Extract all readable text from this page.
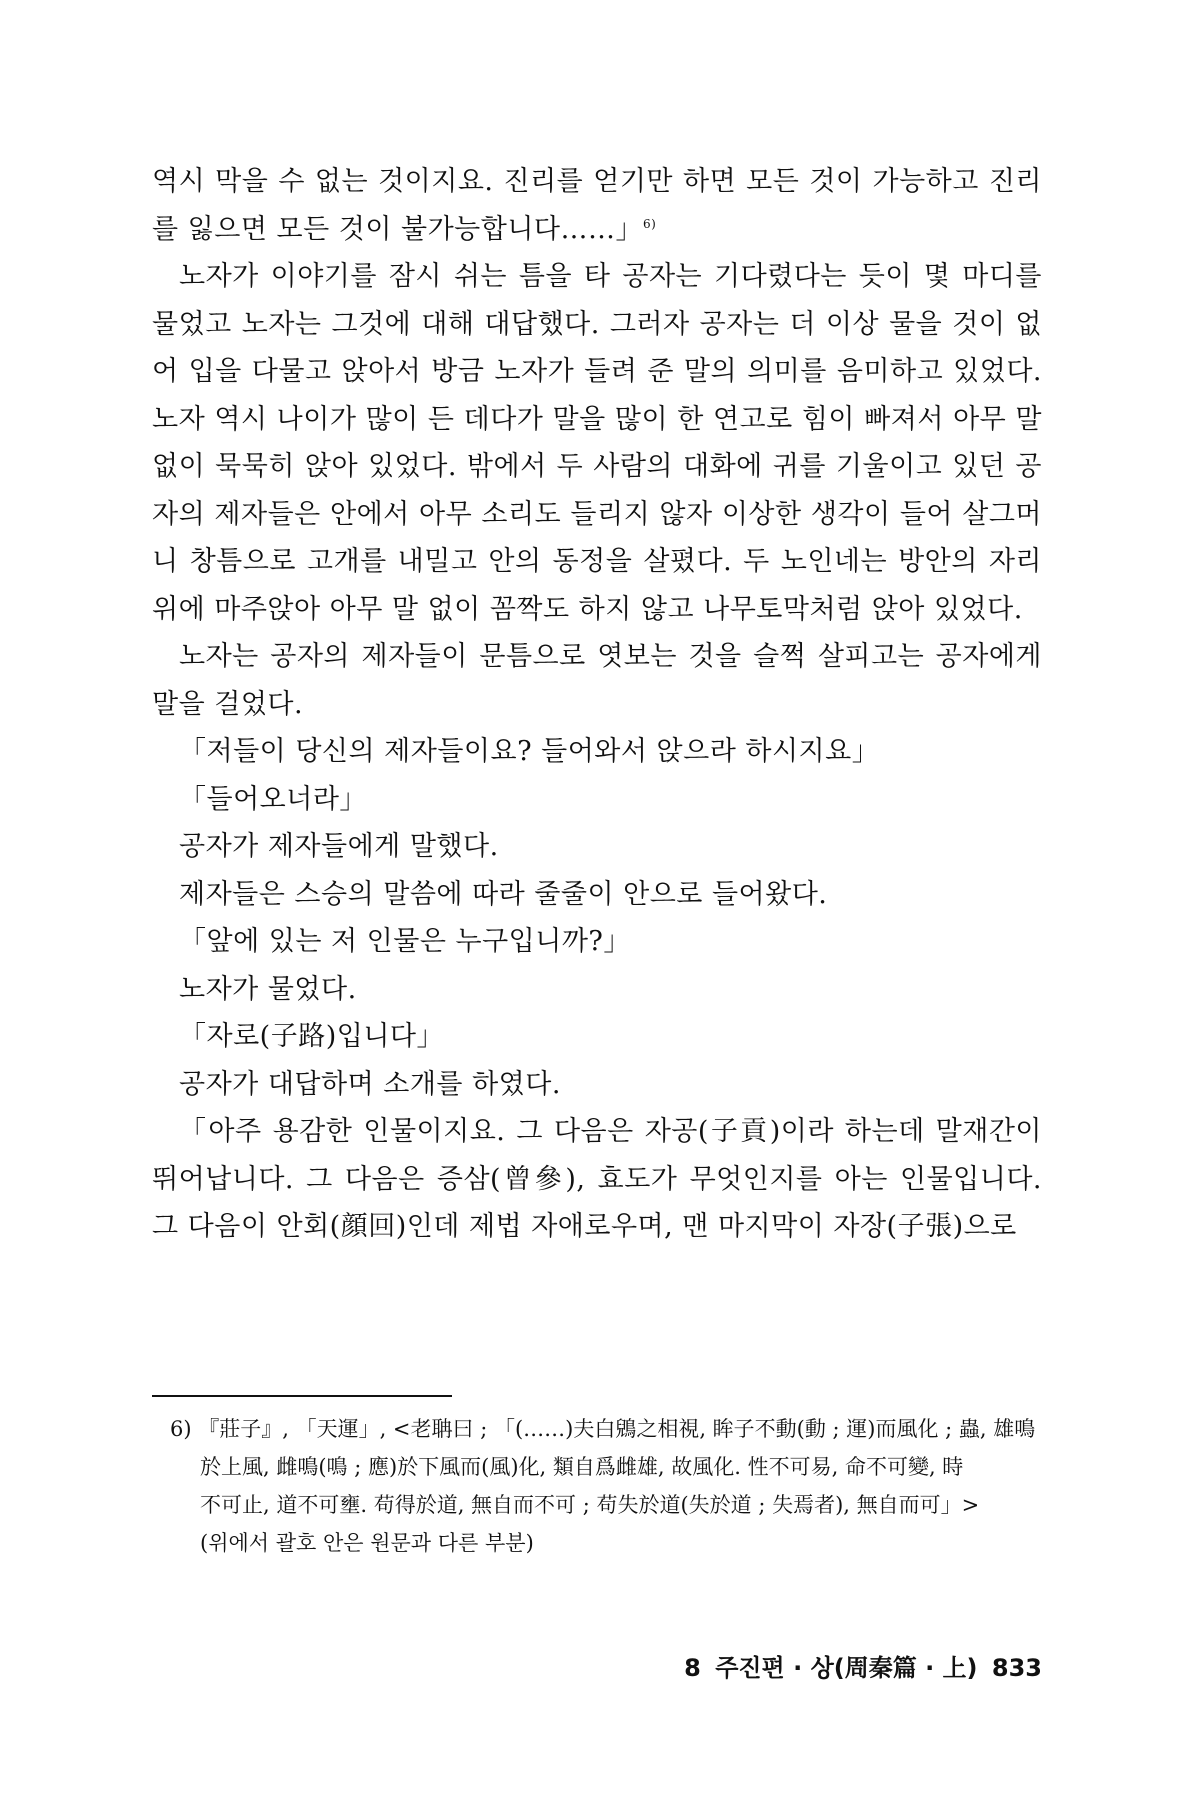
역시 막을 수 없는 것이지요. 진리를 얻기만 하면 모든 것이 가능하고 진리를 잃으면 모든 것이 불가능합니다……」$^{6)}$

노자가 이야기를 잠시 쉬는 틈을 타 공자는 기다렸다는 듯이 몇 마디를 물었고 노자는 그것에 대해 대답했다. 그러자 공자는 더 이상 물을 것이 없어 입을 다물고 앉아서 방금 노자가 들려 준 말의 의미를 음미하고 있었다. 노자 역시 나이가 많이 든 데다가 말을 많이 한 연고로 힘이 빠져서 아무 말 없이 묵묵히 앉아 있었다. 밖에서 두 사람의 대화에 귀를 기울이고 있던 공자의 제자들은 안에서 아무 소리도 들리지 않자 이상한 생각이 들어 살그머니 창틈으로 고개를 내밀고 안의 동정을 살폈다. 두 노인네는 방안의 자리 위에 마주앉아 아무 말 없이 꼼짝도 하지 않고 나무토막처럼 앉아 있었다.

노자는 공자의 제자들이 문틈으로 엿보는 것을 슬쩍 살피고는 공자에게 말을 걸었다.

「저들이 당신의 제자들이요? 들어와서 앉으라 하시지요」

「들어오너라」

공자가 제자들에게 말했다.

제자들은 스승의 말씀에 따라 줄줄이 안으로 들어왔다.

「앞에 있는 저 인물은 누구입니까?」

노자가 물었다.

「자로(子路)입니다」

공자가 대답하며 소개를 하였다.

「아주 용감한 인물이지요. 그 다음은 자공(子貢)이라 하는데 말재간이 뛰어납니다. 그 다음은 증삼(曾參), 효도가 무엇인지를 아는 인물입니다. 그 다음이 안회(顔回)인데 제법 자애로우며, 맨 마지막이 자장(子張)으로

6) 『莊子』, 「天運」, <老聃曰 ; 「(……)夫白鶂之相視, 眸子不動(動 ; 運)而風化 ; 蟲, 雄鳴
於上風, 雌鳴(鳴 ; 應)於下風而(風)化, 類自爲雌雄, 故風化. 性不可易, 命不可變, 時
不可止, 道不可壅. 苟得於道, 無自而不可 ; 苟失於道(失於道 ; 失焉者), 無自而可」>
(위에서 괄호 안은 원문과 다른 부분)
8 주진편 · 상(周秦篇 · 上) 833
